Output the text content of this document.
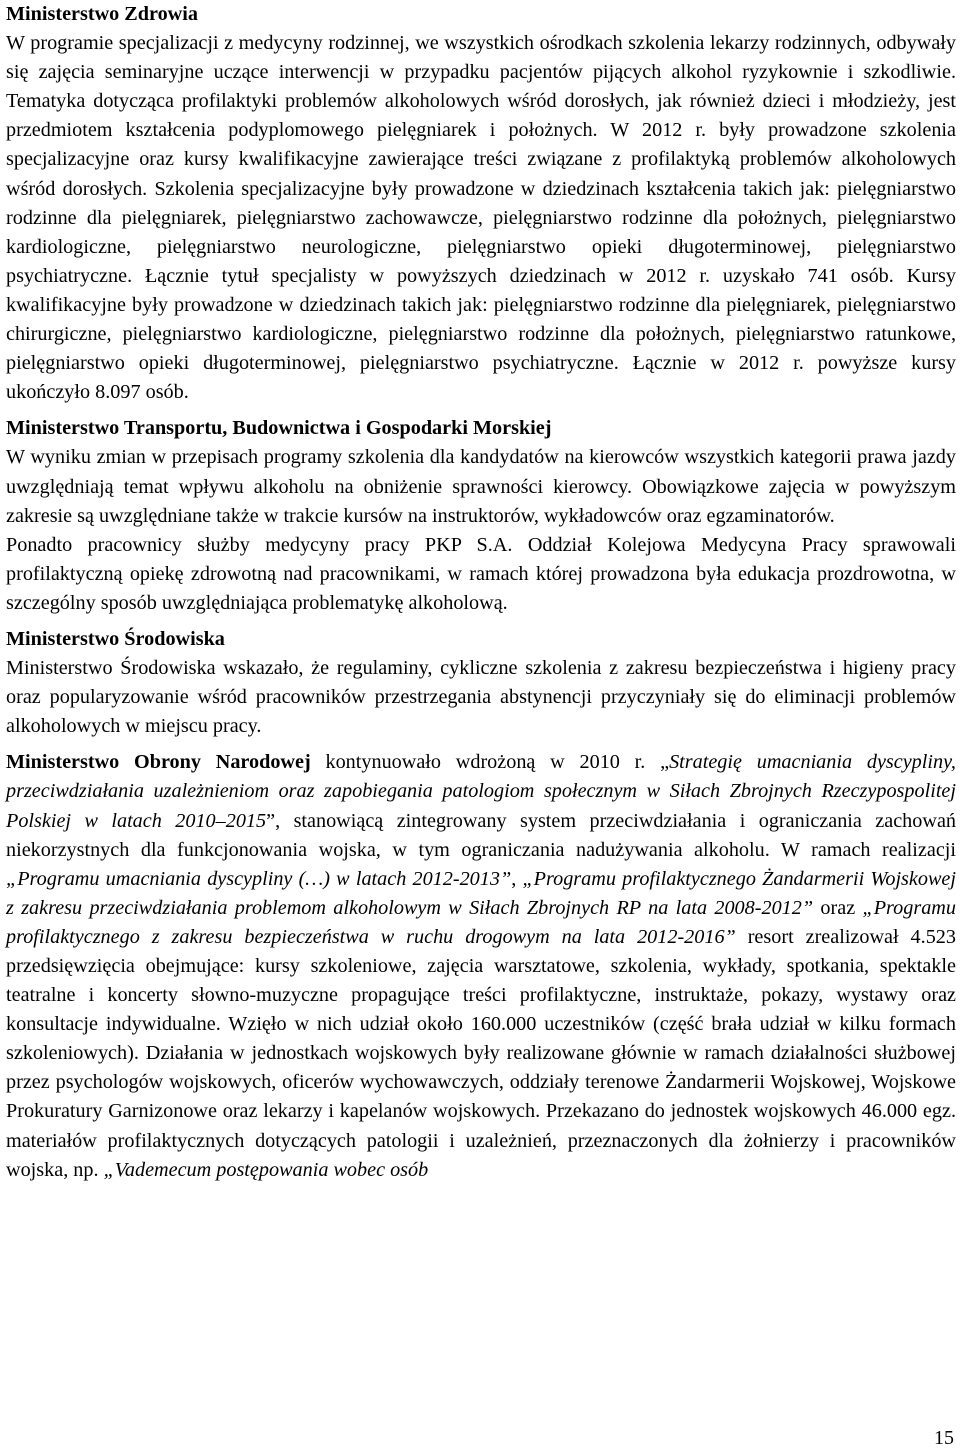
Ministerstwo Zdrowia

W programie specjalizacji z medycyny rodzinnej, we wszystkich ośrodkach szkolenia lekarzy rodzinnych, odbywały się zajęcia seminaryjne uczące interwencji w przypadku pacjentów pijących alkohol ryzykownie i szkodliwie. Tematyka dotycząca profilaktyki problemów alkoholowych wśród dorosłych, jak również dzieci i młodzieży, jest przedmiotem kształcenia podyplomowego pielęgniarek i położnych. W 2012 r. były prowadzone szkolenia specjalizacyjne oraz kursy kwalifikacyjne zawierające treści związane z profilaktyką problemów alkoholowych wśród dorosłych. Szkolenia specjalizacyjne były prowadzone w dziedzinach kształcenia takich jak: pielęgniarstwo rodzinne dla pielęgniarek, pielęgniarstwo zachowawcze, pielęgniarstwo rodzinne dla położnych, pielęgniarstwo kardiologiczne, pielęgniarstwo neurologiczne, pielęgniarstwo opieki długoterminowej, pielęgniarstwo psychiatryczne. Łącznie tytuł specjalisty w powyższych dziedzinach w 2012 r. uzyskało 741 osób. Kursy kwalifikacyjne były prowadzone w dziedzinach takich jak: pielęgniarstwo rodzinne dla pielęgniarek, pielęgniarstwo chirurgiczne, pielęgniarstwo kardiologiczne, pielęgniarstwo rodzinne dla położnych, pielęgniarstwo ratunkowe, pielęgniarstwo opieki długoterminowej, pielęgniarstwo psychiatryczne. Łącznie w 2012 r. powyższe kursy ukończyło 8.097 osób.

Ministerstwo Transportu, Budownictwa i Gospodarki Morskiej

W wyniku zmian w przepisach programy szkolenia dla kandydatów na kierowców wszystkich kategorii prawa jazdy uwzględniają temat wpływu alkoholu na obniżenie sprawności kierowcy. Obowiązkowe zajęcia w powyższym zakresie są uwzględniane także w trakcie kursów na instruktorów, wykładowców oraz egzaminatorów.

Ponadto pracownicy służby medycyny pracy PKP S.A. Oddział Kolejowa Medycyna Pracy sprawowali profilaktyczną opiekę zdrowotną nad pracownikami, w ramach której prowadzona była edukacja prozdrowotna, w szczególny sposób uwzględniająca problematykę alkoholową.

Ministerstwo Środowiska

Ministerstwo Środowiska wskazało, że regulaminy, cykliczne szkolenia z zakresu bezpieczeństwa i higieny pracy oraz popularyzowanie wśród pracowników przestrzegania abstynencji przyczyniały się do eliminacji problemów alkoholowych w miejscu pracy.

Ministerstwo Obrony Narodowej kontynuowało wdrożoną w 2010 r. „Strategię umacniania dyscypliny, przeciwdziałania uzależnieniom oraz zapobiegania patologiom społecznym w Siłach Zbrojnych Rzeczypospolitej Polskiej w latach 2010–2015”, stanowiącą zintegrowany system przeciwdziałania i ograniczania zachowań niekorzystnych dla funkcjonowania wojska, w tym ograniczania nadużywania alkoholu. W ramach realizacji „Programu umacniania dyscypliny (…) w latach 2012-2013”, „Programu profilaktycznego Żandarmerii Wojskowej z zakresu przeciwdziałania problemom alkoholowym w Siłach Zbrojnych RP na lata 2008-2012” oraz „Programu profilaktycznego z zakresu bezpieczeństwa w ruchu drogowym na lata 2012-2016” resort zrealizował 4.523 przedsięwzięcia obejmujące: kursy szkoleniowe, zajęcia warsztatowe, szkolenia, wykłady, spotkania, spektakle teatralne i koncerty słowno-muzyczne propagujące treści profilaktyczne, instruktaże, pokazy, wystawy oraz konsultacje indywidualne. Wzięło w nich udział około 160.000 uczestników (część brała udział w kilku formach szkoleniowych). Działania w jednostkach wojskowych były realizowane głównie w ramach działalności służbowej przez psychologów wojskowych, oficerów wychowawczych, oddziały terenowe Żandarmerii Wojskowej, Wojskowe Prokuratury Garnizonowe oraz lekarzy i kapelanów wojskowych. Przekazano do jednostek wojskowych 46.000 egz. materiałów profilaktycznych dotyczących patologii i uzależnień, przeznaczonych dla żołnierzy i pracowników wojska, np. „Vademecum postępowania wobec osób

15
